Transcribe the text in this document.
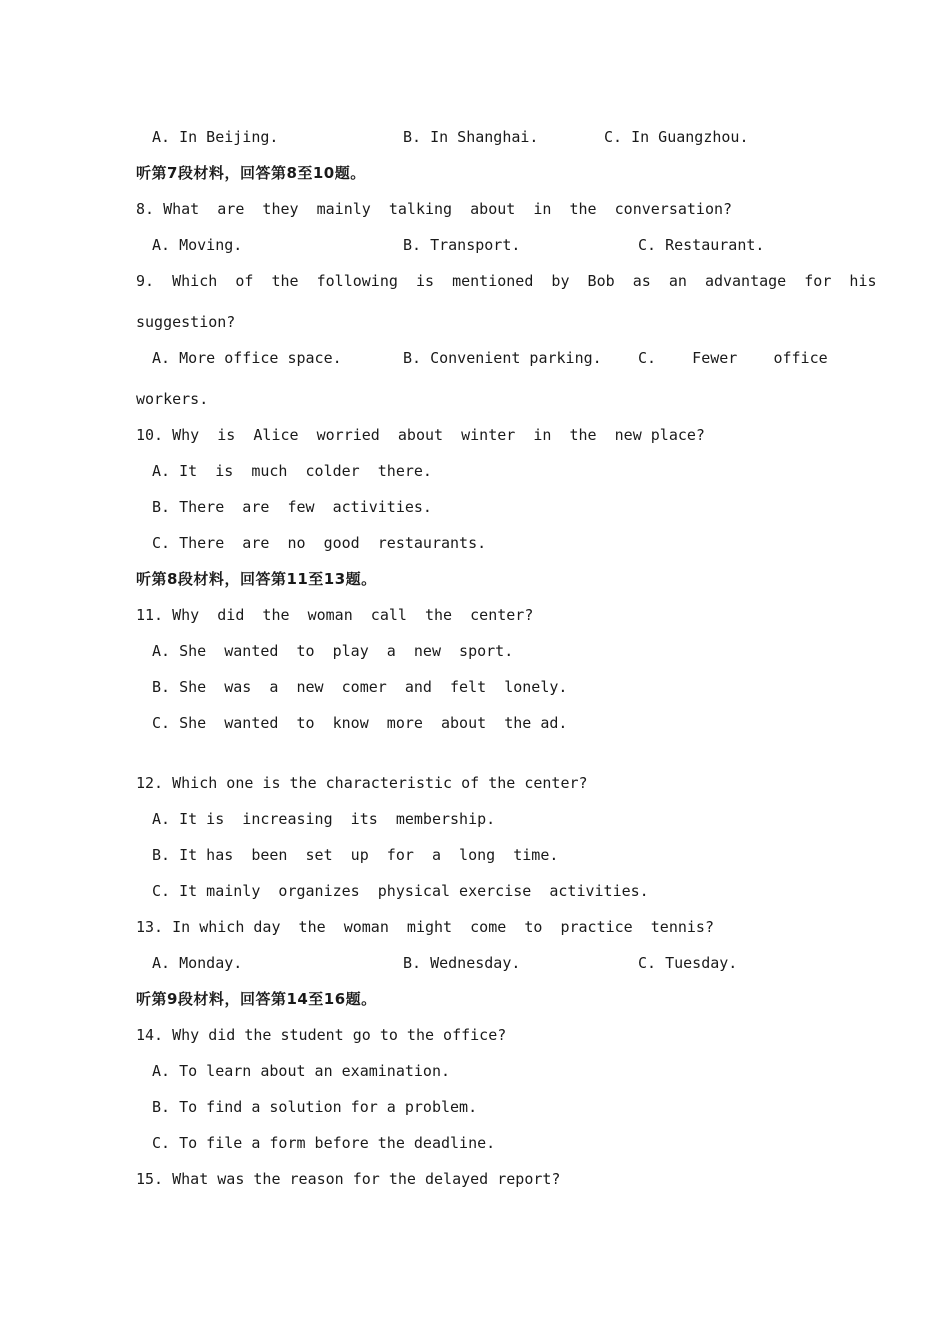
A. In Beijing.	B. In Shanghai.	C. In Guangzhou.
听第7段材料，回答第8至10题。
8. What  are  they  mainly  talking  about  in  the  conversation?
A. Moving.	B. Transport.	C. Restaurant.
9.  Which  of  the  following  is  mentioned  by  Bob  as  an  advantage  for  his
suggestion?
A. More office space.	B. Convenient parking. C.    Fewer    office
workers.
10. Why  is  Alice  worried  about  winter  in  the  new place?
A. It  is  much  colder  there.
B. There  are  few  activities.
C. There  are  no  good  restaurants.
听第8段材料，回答第11至13题。
11. Why  did  the  woman  call  the  center?
A. She  wanted  to  play  a  new  sport.
B. She  was  a  new  comer  and  felt  lonely.
C. She  wanted  to  know  more  about  the ad.
12. Which one is the characteristic of the center?
A. It is  increasing  its  membership.
B. It has  been  set  up  for  a  long  time.
C. It mainly  organizes  physical exercise  activities.
13. In which day  the  woman  might  come  to  practice  tennis?
A. Monday.	B. Wednesday.	C. Tuesday.
听第9段材料，回答第14至16题。
14. Why did the student go to the office?
A. To learn about an examination.
B. To find a solution for a problem.
C. To file a form before the deadline.
15. What was the reason for the delayed report?
